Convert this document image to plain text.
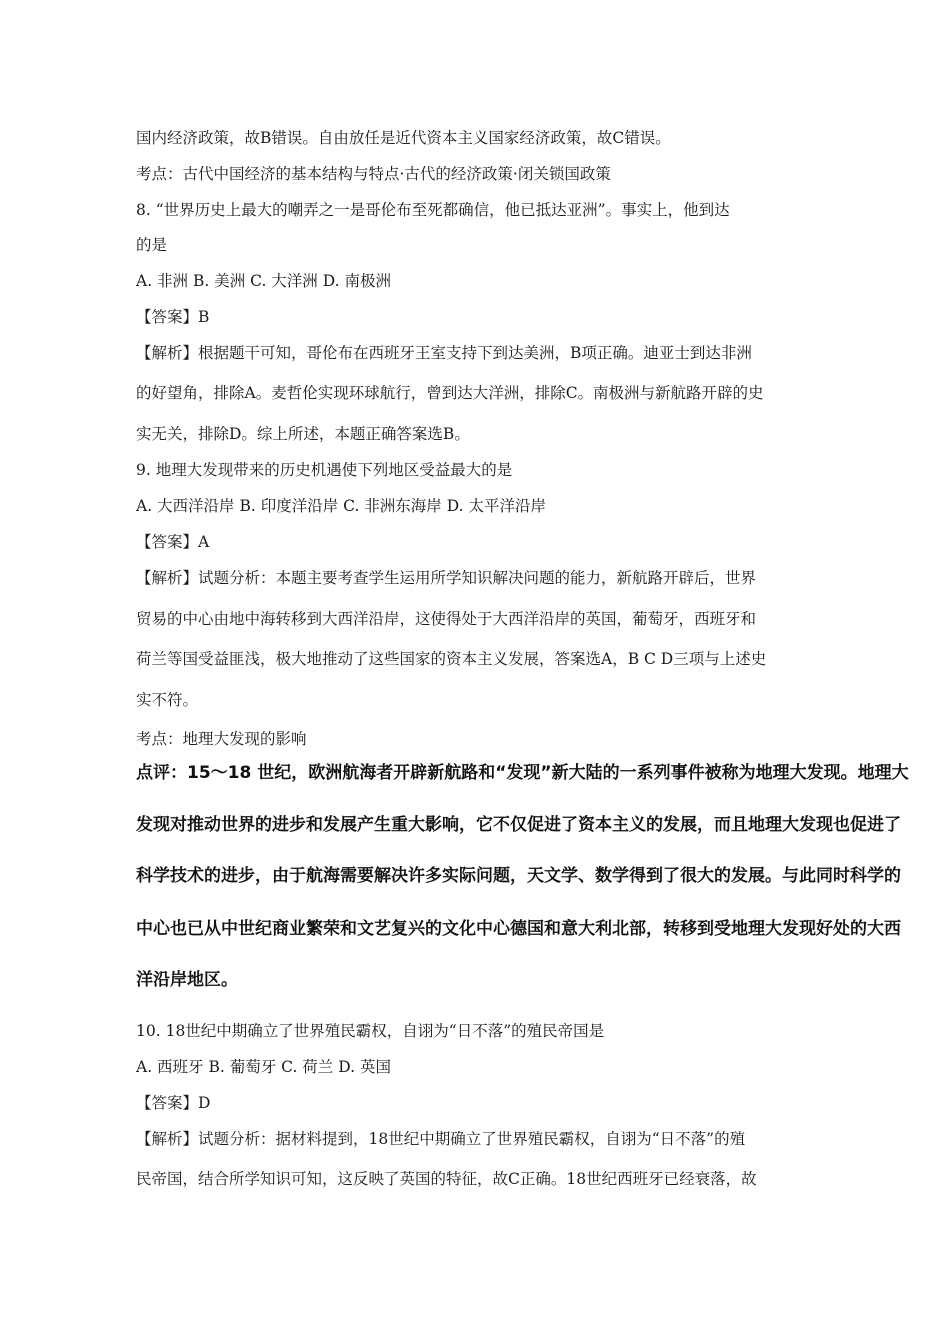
国内经济政策，故B错误。自由放任是近代资本主义国家经济政策，故C错误。
考点：古代中国经济的基本结构与特点·古代的经济政策·闭关锁国政策
8. “世界历史上最大的嘲弄之一是哥伦布至死都确信，他已抵达亚洲”。事实上，他到达
的是
A. 非洲 B. 美洲 C. 大洋洲 D. 南极洲
【答案】B
【解析】根据题干可知，哥伦布在西班牙王室支持下到达美洲，B项正确。迪亚士到达非洲
的好望角，排除A。麦哲伦实现环球航行，曾到达大洋洲，排除C。南极洲与新航路开辟的史
实无关，排除D。综上所述，本题正确答案选B。
9. 地理大发现带来的历史机遇使下列地区受益最大的是
A. 大西洋沿岸 B. 印度洋沿岸 C. 非洲东海岸 D. 太平洋沿岸
【答案】A
【解析】试题分析：本题主要考查学生运用所学知识解决问题的能力，新航路开辟后，世界
贸易的中心由地中海转移到大西洋沿岸，这使得处于大西洋沿岸的英国，葡萄牙，西班牙和
荷兰等国受益匪浅，极大地推动了这些国家的资本主义发展，答案选A，B C D三项与上述史
实不符。
考点：地理大发现的影响
点评：15～18 世纪，欧洲航海者开辟新航路和“发现”新大陆的一系列事件被称为地理大发现。地理大
发现对推动世界的进步和发展产生重大影响，它不仅促进了资本主义的发展，而且地理大发现也促进了
科学技术的进步，由于航海需要解决许多实际问题，天文学、数学得到了很大的发展。与此同时科学的
中心也已从中世纪商业繁荣和文艺复兴的文化中心德国和意大利北部，转移到受地理大发现好处的大西
洋沿岸地区。
10. 18世纪中期确立了世界殖民霸权，自诩为“日不落”的殖民帝国是
A. 西班牙 B. 葡萄牙 C. 荷兰 D. 英国
【答案】D
【解析】试题分析：据材料提到，18世纪中期确立了世界殖民霸权，自诩为“日不落”的殖
民帝国，结合所学知识可知，这反映了英国的特征，故C正确。18世纪西班牙已经衰落，故
